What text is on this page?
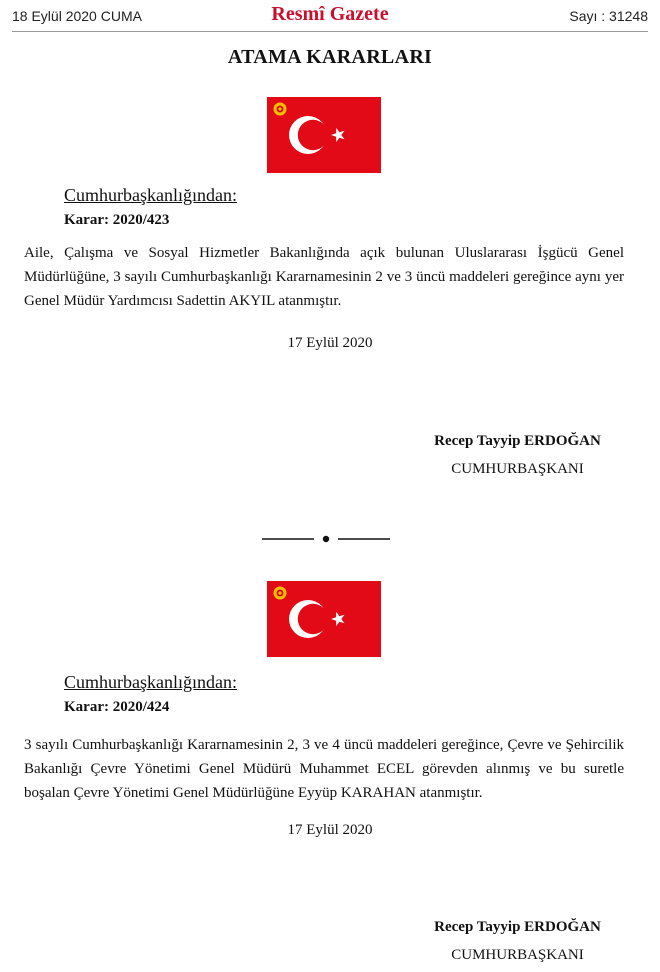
18 Eylül 2020 CUMA	Resmî Gazete	Sayı : 31248
ATAMA KARARLARI
Cumhurbaşkanlığından:
Karar: 2020/423
Aile, Çalışma ve Sosyal Hizmetler Bakanlığında açık bulunan Uluslararası İşgücü Genel Müdürlüğüne, 3 sayılı Cumhurbaşkanlığı Kararnamesinin 2 ve 3 üncü maddeleri gereğince aynı yer Genel Müdür Yardımcısı Sadettin AKYIL atanmıştır.
17 Eylül 2020
Recep Tayyip ERDOĞAN
CUMHURBAŞKANI
Cumhurbaşkanlığından:
Karar: 2020/424
3 sayılı Cumhurbaşkanlığı Kararnamesinin 2, 3 ve 4 üncü maddeleri gereğince, Çevre ve Şehircilik Bakanlığı Çevre Yönetimi Genel Müdürü Muhammet ECEL görevden alınmış ve bu suretle boşalan Çevre Yönetimi Genel Müdürlüğüne Eyyüp KARAHAN atanmıştır.
17 Eylül 2020
Recep Tayyip ERDOĞAN
CUMHURBAŞKANI
